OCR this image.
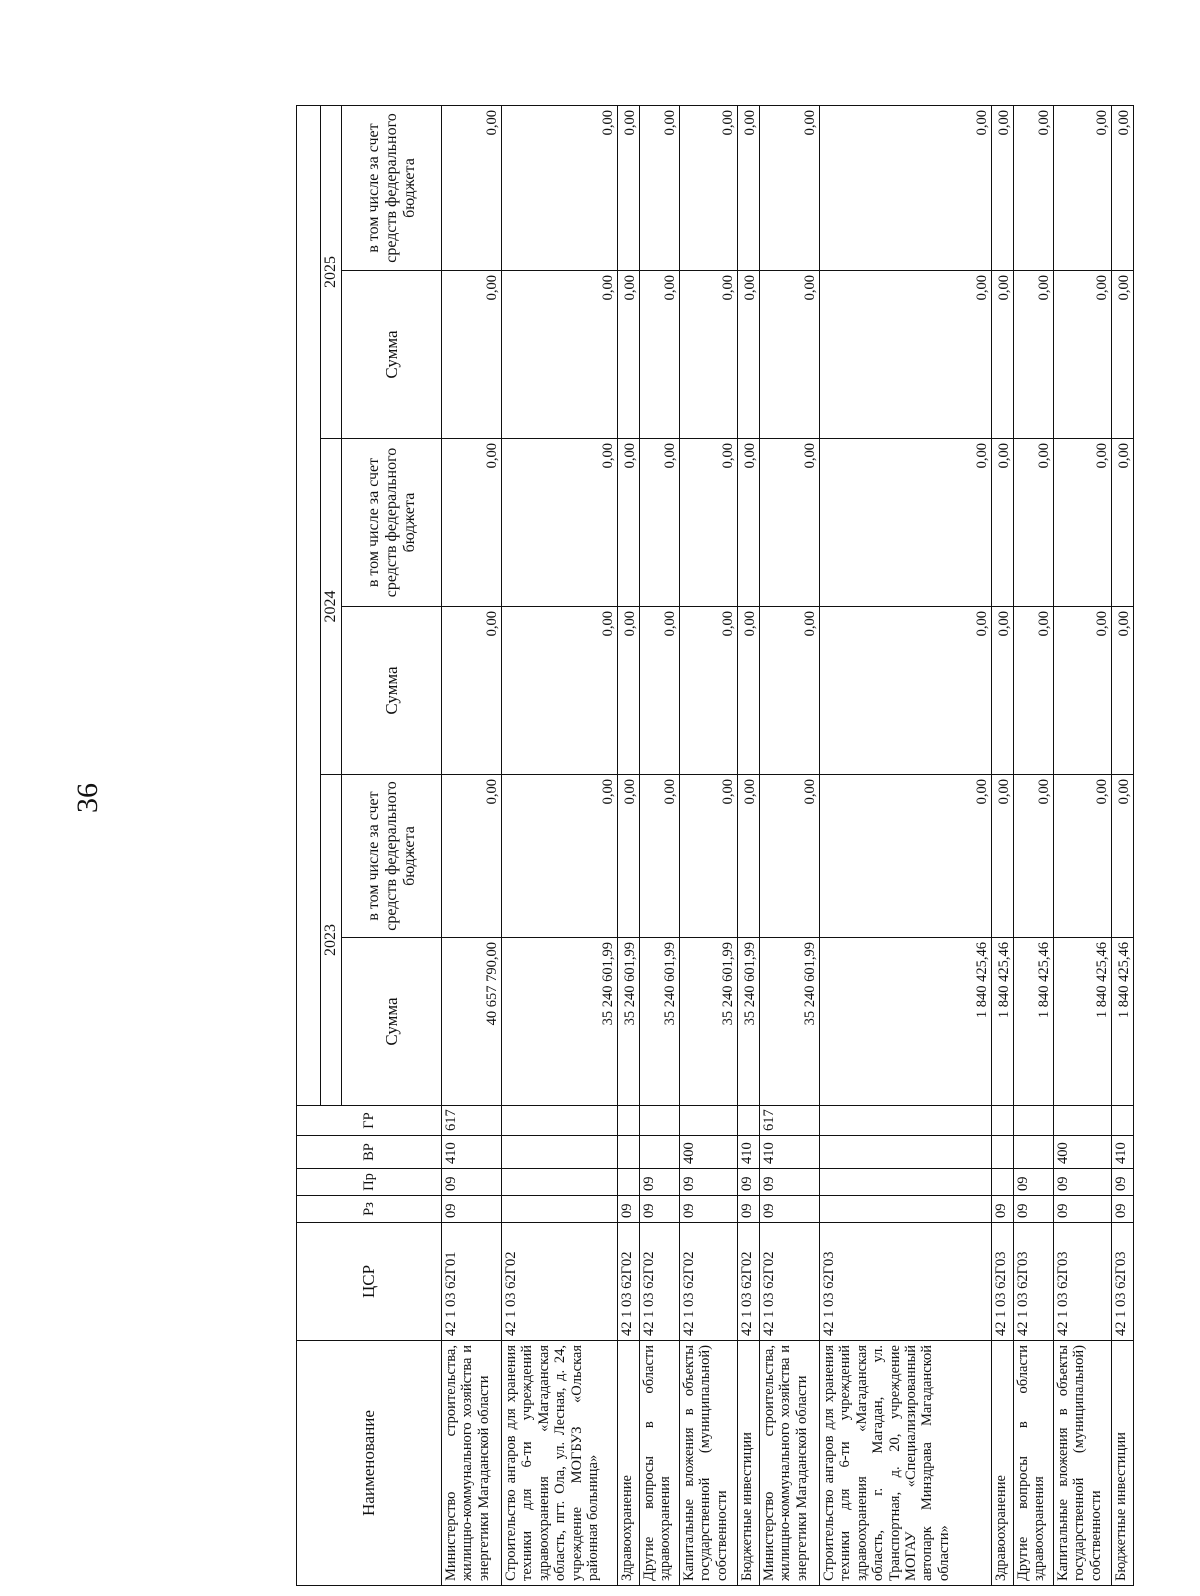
36
Наименование	ЦСР	Рз	Пр	ВР	ГР						
						2023		2024		2025	
						Сумма	в том числе за счет средств федерального бюджета	Сумма	в том числе за счет средств федерального бюджета	Сумма	в том числе за счет средств федерального бюджета
Министерство строительства, жилищно-коммунального хозяйства и энергетики Магаданской области	42 1 03 62Г01	09	09	410	617	40 657 790,00	0,00	0,00	0,00	0,00	0,00
Строительство ангаров для хранения техники для 6-ти учреждений здравоохранения «Магаданская область, пгт. Ола, ул. Лесная, д. 24, учреждение МОГБУЗ «Ольская районная больница»	42 1 03 62Г02					35 240 601,99	0,00	0,00	0,00	0,00	0,00
Здравоохранение	42 1 03 62Г02	09				35 240 601,99	0,00	0,00	0,00	0,00	0,00
Другие вопросы в области здравоохранения	42 1 03 62Г02	09	09			35 240 601,99	0,00	0,00	0,00	0,00	0,00
Капитальные вложения в объекты государственной (муниципальной) собственности	42 1 03 62Г02	09	09	400		35 240 601,99	0,00	0,00	0,00	0,00	0,00
Бюджетные инвестиции	42 1 03 62Г02	09	09	410		35 240 601,99	0,00	0,00	0,00	0,00	0,00
Министерство строительства, жилищно-коммунального хозяйства и энергетики Магаданской области	42 1 03 62Г02	09	09	410	617	35 240 601,99	0,00	0,00	0,00	0,00	0,00
Строительство ангаров для хранения техники для 6-ти учреждений здравоохранения «Магаданская область, г. Магадан, ул. Транспортная, д. 20, учреждение МОГАУ «Специализированный автопарк Минздрава Магаданской области»	42 1 03 62Г03					1 840 425,46	0,00	0,00	0,00	0,00	0,00
Здравоохранение	42 1 03 62Г03	09				1 840 425,46	0,00	0,00	0,00	0,00	0,00
Другие вопросы в области здравоохранения	42 1 03 62Г03	09	09			1 840 425,46	0,00	0,00	0,00	0,00	0,00
Капитальные вложения в объекты государственной (муниципальной) собственности	42 1 03 62Г03	09	09	400		1 840 425,46	0,00	0,00	0,00	0,00	0,00
Бюджетные инвестиции	42 1 03 62Г03	09	09	410		1 840 425,46	0,00	0,00	0,00	0,00	0,00
